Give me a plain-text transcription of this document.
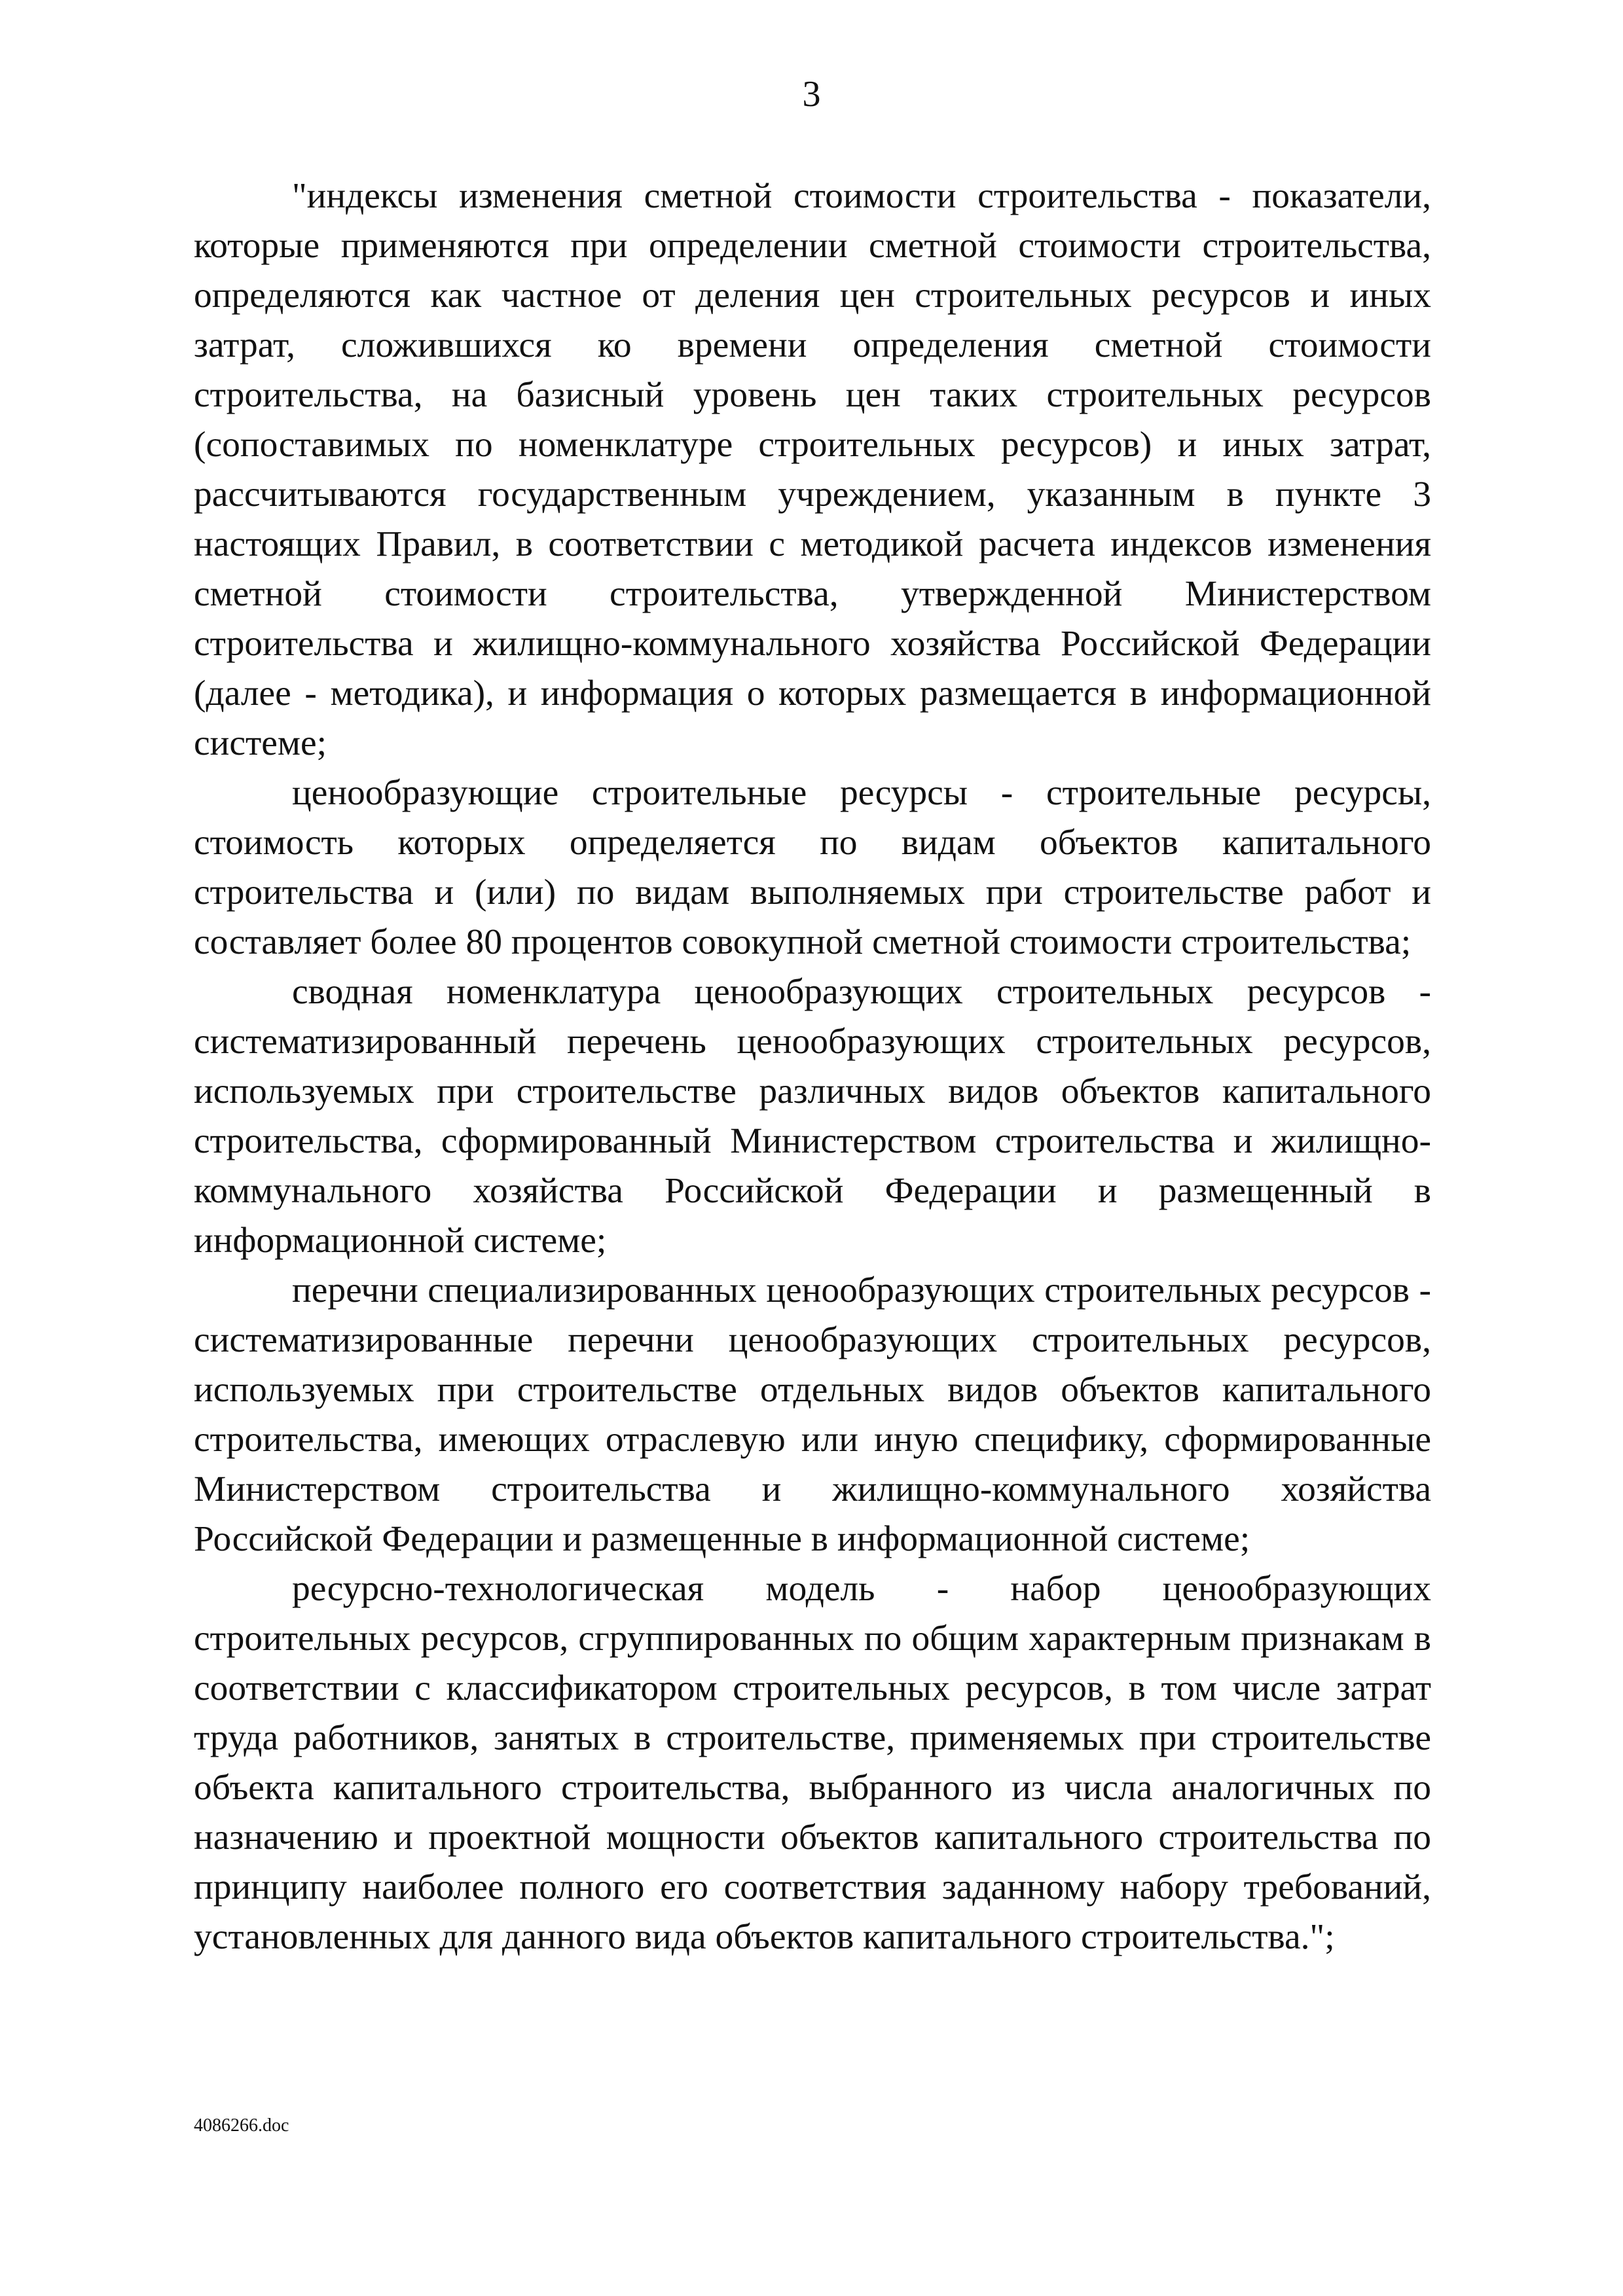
3

"индексы изменения сметной стоимости строительства - показатели, которые применяются при определении сметной стоимости строительства, определяются как частное от деления цен строительных ресурсов и иных затрат, сложившихся ко времени определения сметной стоимости строительства, на базисный уровень цен таких строительных ресурсов (сопоставимых по номенклатуре строительных ресурсов) и иных затрат, рассчитываются государственным учреждением, указанным в пункте 3 настоящих Правил, в соответствии с методикой расчета индексов изменения сметной стоимости строительства, утвержденной Министерством строительства и жилищно-коммунального хозяйства Российской Федерации (далее - методика), и информация о которых размещается в информационной системе;

ценообразующие строительные ресурсы - строительные ресурсы, стоимость которых определяется по видам объектов капитального строительства и (или) по видам выполняемых при строительстве работ и составляет более 80 процентов совокупной сметной стоимости строительства;

сводная номенклатура ценообразующих строительных ресурсов - систематизированный перечень ценообразующих строительных ресурсов, используемых при строительстве различных видов объектов капитального строительства, сформированный Министерством строительства и жилищно-коммунального хозяйства Российской Федерации и размещенный в информационной системе;

перечни специализированных ценообразующих строительных ресурсов - систематизированные перечни ценообразующих строительных ресурсов, используемых при строительстве отдельных видов объектов капитального строительства, имеющих отраслевую или иную специфику, сформированные Министерством строительства и жилищно-коммунального хозяйства Российской Федерации и размещенные в информационной системе;

ресурсно-технологическая модель - набор ценообразующих строительных ресурсов, сгруппированных по общим характерным признакам в соответствии с классификатором строительных ресурсов, в том числе затрат труда работников, занятых в строительстве, применяемых при строительстве объекта капитального строительства, выбранного из числа аналогичных по назначению и проектной мощности объектов капитального строительства по принципу наиболее полного его соответствия заданному набору требований, установленных для данного вида объектов капитального строительства.";

4086266.doc
